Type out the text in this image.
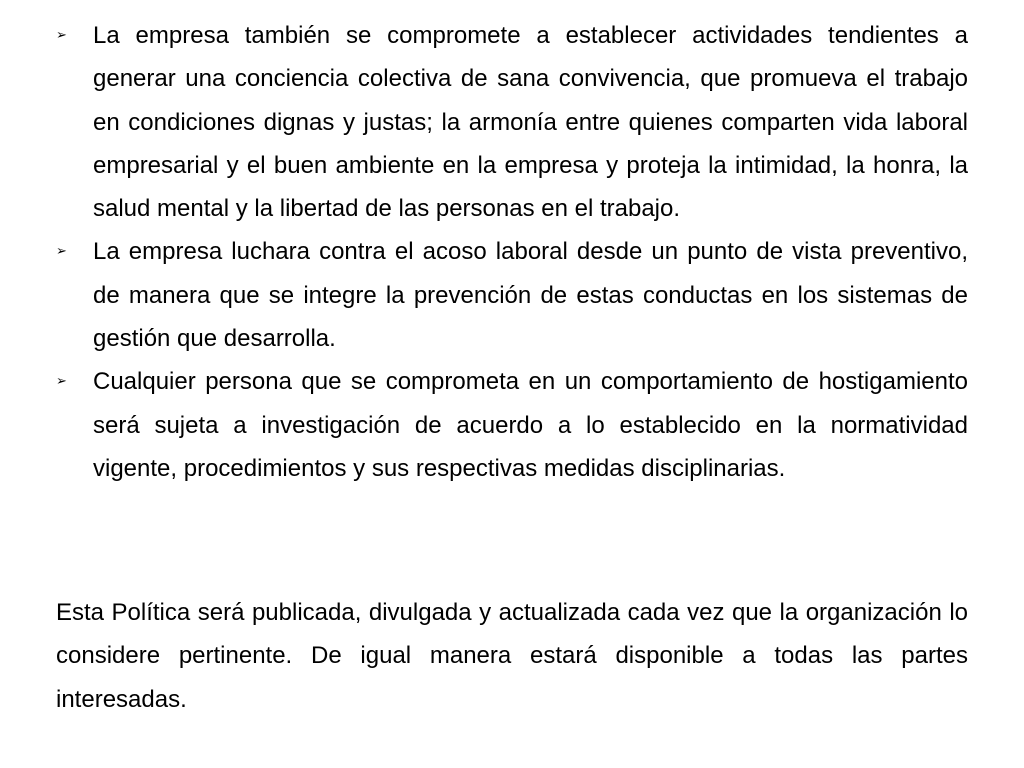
➢ La empresa también se compromete a establecer actividades tendientes a generar una conciencia colectiva de sana convivencia, que promueva el trabajo en condiciones dignas y justas; la armonía entre quienes comparten vida laboral empresarial y el buen ambiente en la empresa y proteja la intimidad, la honra, la salud mental y la libertad de las personas en el trabajo.
➢ La empresa luchara contra el acoso laboral desde un punto de vista preventivo, de manera que se integre la prevención de estas conductas en los sistemas de gestión que desarrolla.
➢ Cualquier persona que se comprometa en un comportamiento de hostigamiento será sujeta a investigación de acuerdo a lo establecido en la normatividad vigente, procedimientos y sus respectivas medidas disciplinarias.

Esta Política será publicada, divulgada y actualizada cada vez que la organización lo considere pertinente. De igual manera estará disponible a todas las partes interesadas.
